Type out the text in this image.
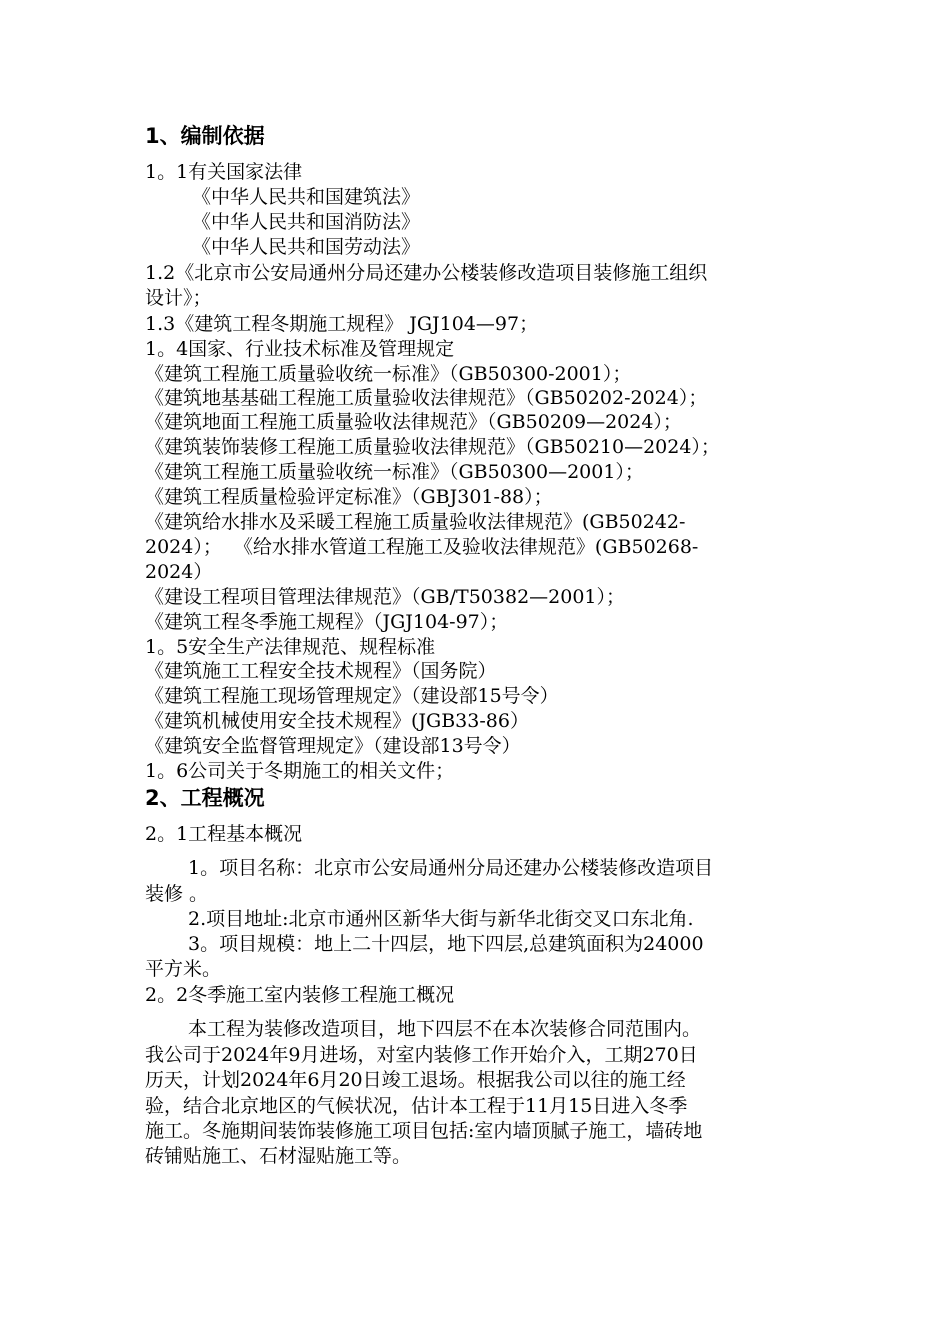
1、编制依据
1。1有关国家法律
《中华人民共和国建筑法》
《中华人民共和国消防法》
《中华人民共和国劳动法》
1.2《北京市公安局通州分局还建办公楼装修改造项目装修施工组织
设计》；
1.3《建筑工程冬期施工规程》 JGJ104—97；
1。4国家、行业技术标准及管理规定
《建筑工程施工质量验收统一标准》（GB50300-2001）；
《建筑地基基础工程施工质量验收法律规范》（GB50202-2024）；
《建筑地面工程施工质量验收法律规范》（GB50209—2024）；
《建筑装饰装修工程施工质量验收法律规范》（GB50210—2024）；
《建筑工程施工质量验收统一标准》（GB50300—2001）；
《建筑工程质量检验评定标准》（GBJ301-88）；
《建筑给水排水及采暖工程施工质量验收法律规范》(GB50242-
2024）；  《给水排水管道工程施工及验收法律规范》(GB50268-
2024）
《建设工程项目管理法律规范》（GB/T50382—2001）；
《建筑工程冬季施工规程》（JGJ104-97）；
1。5安全生产法律规范、规程标准
《建筑施工工程安全技术规程》（国务院）
《建筑工程施工现场管理规定》（建设部15号令）
《建筑机械使用安全技术规程》(JGB33-86）
《建筑安全监督管理规定》（建设部13号令）
1。6公司关于冬期施工的相关文件；
2、工程概况
2。1工程基本概况
1。项目名称：北京市公安局通州分局还建办公楼装修改造项目
装修 。
2.项目地址:北京市通州区新华大街与新华北街交叉口东北角.
3。项目规模：地上二十四层，地下四层,总建筑面积为24000
平方米。
2。2冬季施工室内装修工程施工概况
本工程为装修改造项目，地下四层不在本次装修合同范围内。
我公司于2024年9月进场，对室内装修工作开始介入，工期270日
历天，计划2024年6月20日竣工退场。根据我公司以往的施工经
验，结合北京地区的气候状况，估计本工程于11月15日进入冬季
施工。冬施期间装饰装修施工项目包括:室内墙顶腻子施工，墙砖地
砖铺贴施工、石材湿贴施工等。
